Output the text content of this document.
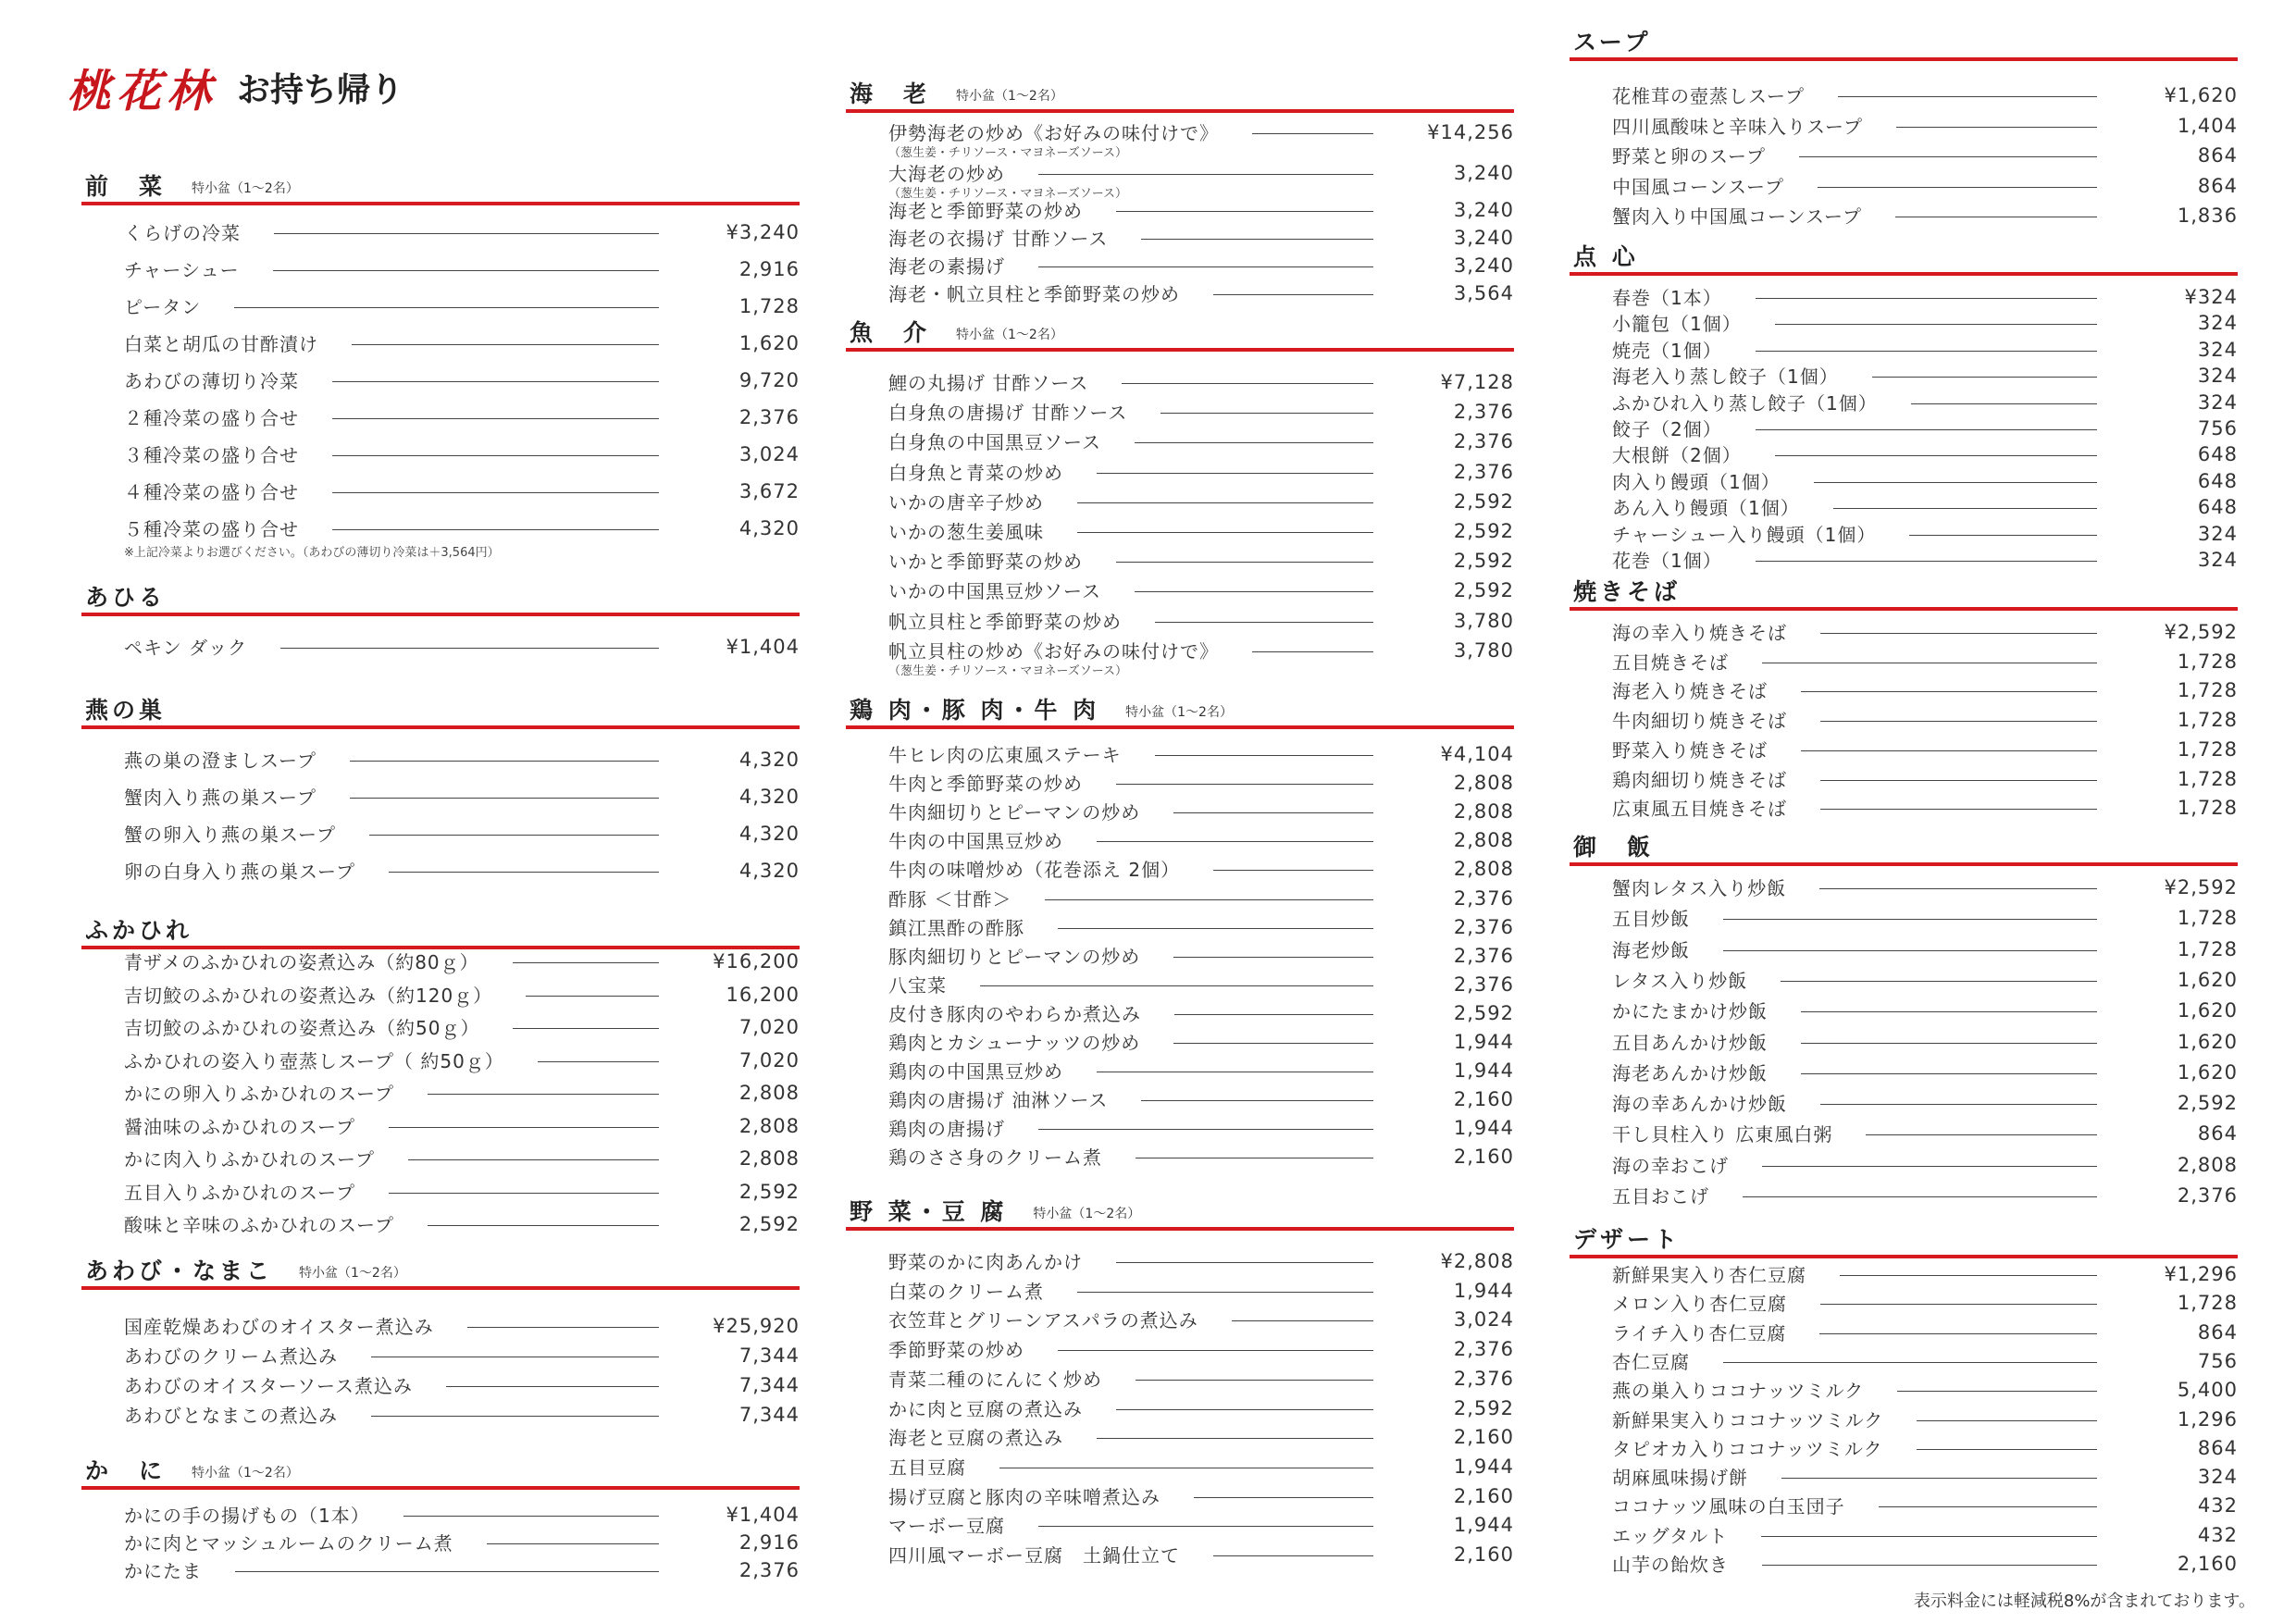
桃花林 お持ち帰り
前　菜 特小盆（1～2名）
くらげの冷菜	¥3,240
チャーシュー	2,916
ピータン	1,728
白菜と胡瓜の甘酢漬け	1,620
あわびの薄切り冷菜	9,720
２種冷菜の盛り合せ	2,376
３種冷菜の盛り合せ	3,024
４種冷菜の盛り合せ	3,672
５種冷菜の盛り合せ	4,320
※上記冷菜よりお選びください。（あわびの薄切り冷菜は＋3,564円）
あひる
ペキン ダック	¥1,404
燕の巣
燕の巣の澄ましスープ	4,320
蟹肉入り燕の巣スープ	4,320
蟹の卵入り燕の巣スープ	4,320
卵の白身入り燕の巣スープ	4,320
ふかひれ
青ザメのふかひれの姿煮込み（約80ｇ）	¥16,200
吉切鮫のふかひれの姿煮込み（約120ｇ）	16,200
吉切鮫のふかひれの姿煮込み（約50ｇ）	7,020
ふかひれの姿入り壺蒸しスープ（ 約50ｇ）	7,020
かにの卵入りふかひれのスープ	2,808
醤油味のふかひれのスープ	2,808
かに肉入りふかひれのスープ	2,808
五目入りふかひれのスープ	2,592
酸味と辛味のふかひれのスープ	2,592
あわび・なまこ 特小盆（1～2名）
国産乾燥あわびのオイスター煮込み	¥25,920
あわびのクリーム煮込み	7,344
あわびのオイスターソース煮込み	7,344
あわびとなまこの煮込み	7,344
か　に 特小盆（1～2名）
かにの手の揚げもの（1本）	¥1,404
かに肉とマッシュルームのクリーム煮	2,916
かにたま	2,376
海　老 特小盆（1～2名）
伊勢海老の炒め《お好みの味付けで》	¥14,256
（葱生姜・チリソース・マヨネーズソース）
大海老の炒め	3,240
（葱生姜・チリソース・マヨネーズソース）
海老と季節野菜の炒め	3,240
海老の衣揚げ 甘酢ソース	3,240
海老の素揚げ	3,240
海老・帆立貝柱と季節野菜の炒め	3,564
魚　介 特小盆（1～2名）
鯉の丸揚げ 甘酢ソース	¥7,128
白身魚の唐揚げ 甘酢ソース	2,376
白身魚の中国黒豆ソース	2,376
白身魚と青菜の炒め	2,376
いかの唐辛子炒め	2,592
いかの葱生姜風味	2,592
いかと季節野菜の炒め	2,592
いかの中国黒豆炒ソース	2,592
帆立貝柱と季節野菜の炒め	3,780
帆立貝柱の炒め《お好みの味付けで》	3,780
（葱生姜・チリソース・マヨネーズソース）
鶏 肉・豚 肉・牛 肉 特小盆（1～2名）
牛ヒレ肉の広東風ステーキ	¥4,104
牛肉と季節野菜の炒め	2,808
牛肉細切りとピーマンの炒め	2,808
牛肉の中国黒豆炒め	2,808
牛肉の味噌炒め（花巻添え 2個）	2,808
酢豚 ＜甘酢＞	2,376
鎮江黒酢の酢豚	2,376
豚肉細切りとピーマンの炒め	2,376
八宝菜	2,376
皮付き豚肉のやわらか煮込み	2,592
鶏肉とカシューナッツの炒め	1,944
鶏肉の中国黒豆炒め	1,944
鶏肉の唐揚げ 油淋ソース	2,160
鶏肉の唐揚げ	1,944
鶏のささ身のクリーム煮	2,160
野 菜・豆 腐 特小盆（1～2名）
野菜のかに肉あんかけ	¥2,808
白菜のクリーム煮	1,944
衣笠茸とグリーンアスパラの煮込み	3,024
季節野菜の炒め	2,376
青菜二種のにんにく炒め	2,376
かに肉と豆腐の煮込み	2,592
海老と豆腐の煮込み	2,160
五目豆腐	1,944
揚げ豆腐と豚肉の辛味噌煮込み	2,160
マーボー豆腐	1,944
四川風マーボー豆腐　土鍋仕立て	2,160
スープ
花椎茸の壺蒸しスープ	¥1,620
四川風酸味と辛味入りスープ	1,404
野菜と卵のスープ	864
中国風コーンスープ	864
蟹肉入り中国風コーンスープ	1,836
点 心
春巻（1本）	¥324
小籠包（1個）	324
焼売（1個）	324
海老入り蒸し餃子（1個）	324
ふかひれ入り蒸し餃子（1個）	324
餃子（2個）	756
大根餅（2個）	648
肉入り饅頭（1個）	648
あん入り饅頭（1個）	648
チャーシュー入り饅頭（1個）	324
花巻（1個）	324
焼きそば
海の幸入り焼きそば	¥2,592
五目焼きそば	1,728
海老入り焼きそば	1,728
牛肉細切り焼きそば	1,728
野菜入り焼きそば	1,728
鶏肉細切り焼きそば	1,728
広東風五目焼きそば	1,728
御　飯
蟹肉レタス入り炒飯	¥2,592
五目炒飯	1,728
海老炒飯	1,728
レタス入り炒飯	1,620
かにたまかけ炒飯	1,620
五目あんかけ炒飯	1,620
海老あんかけ炒飯	1,620
海の幸あんかけ炒飯	2,592
干し貝柱入り 広東風白粥	864
海の幸おこげ	2,808
五目おこげ	2,376
デザート
新鮮果実入り杏仁豆腐	¥1,296
メロン入り杏仁豆腐	1,728
ライチ入り杏仁豆腐	864
杏仁豆腐	756
燕の巣入りココナッツミルク	5,400
新鮮果実入りココナッツミルク	1,296
タピオカ入りココナッツミルク	864
胡麻風味揚げ餅	324
ココナッツ風味の白玉団子	432
エッグタルト	432
山芋の飴炊き	2,160
表示料金には軽減税8%が含まれております。
